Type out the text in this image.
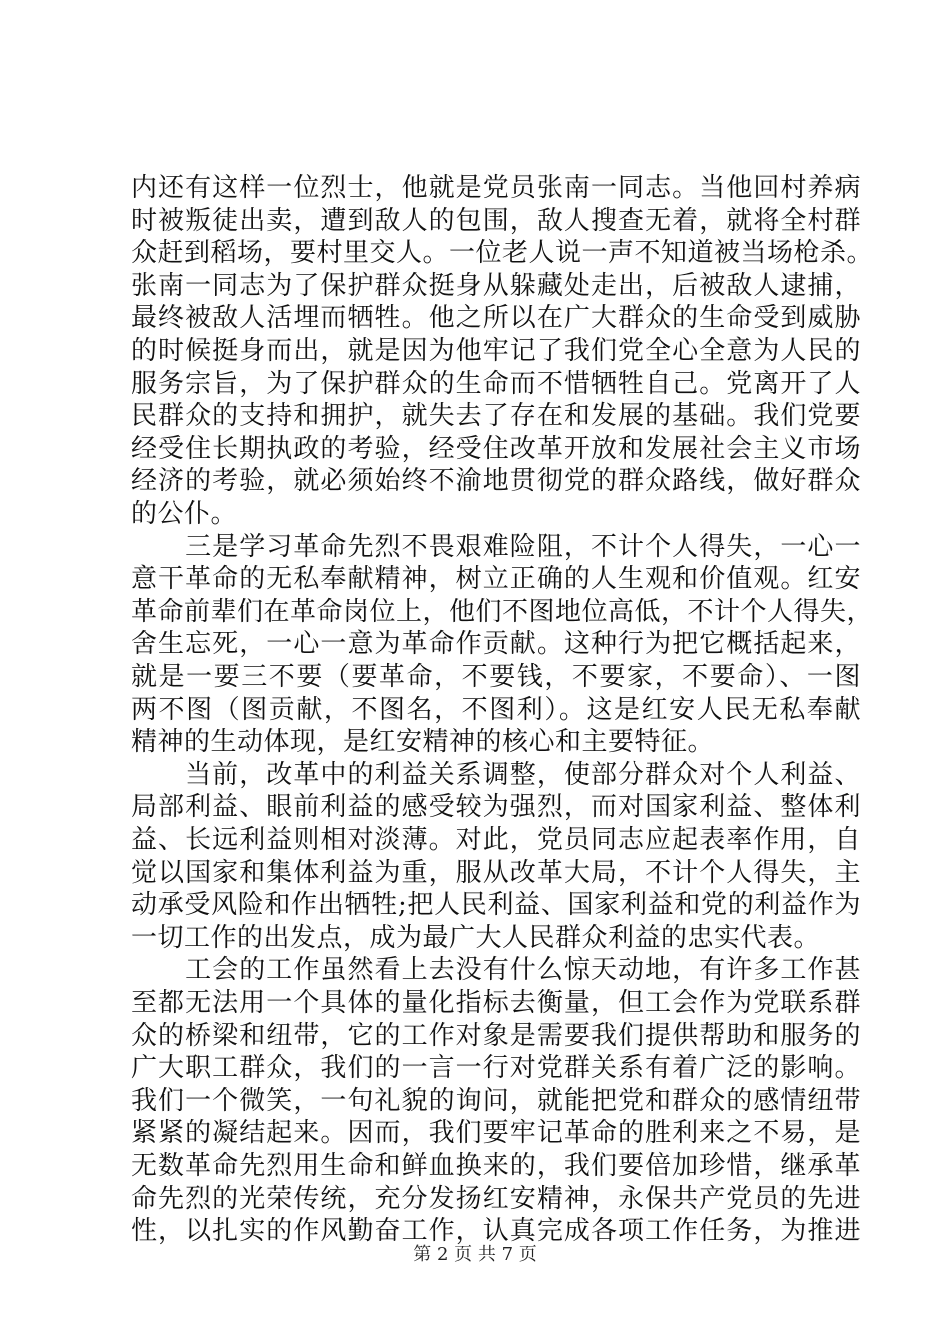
内还有这样一位烈士，他就是党员张南一同志。当他回村养病
时被叛徒出卖，遭到敌人的包围，敌人搜查无着，就将全村群
众赶到稻场，要村里交人。一位老人说一声不知道被当场枪杀。
张南一同志为了保护群众挺身从躲藏处走出，后被敌人逮捕，
最终被敌人活埋而牺牲。他之所以在广大群众的生命受到威胁
的时候挺身而出，就是因为他牢记了我们党全心全意为人民的
服务宗旨，为了保护群众的生命而不惜牺牲自己。党离开了人
民群众的支持和拥护，就失去了存在和发展的基础。我们党要
经受住长期执政的考验，经受住改革开放和发展社会主义市场
经济的考验，就必须始终不渝地贯彻党的群众路线，做好群众
的公仆。
　　三是学习革命先烈不畏艰难险阻，不计个人得失，一心一
意干革命的无私奉献精神，树立正确的人生观和价值观。红安
革命前辈们在革命岗位上，他们不图地位高低，不计个人得失，
舍生忘死，一心一意为革命作贡献。这种行为把它概括起来，
就是一要三不要（要革命，不要钱，不要家，不要命）、一图
两不图（图贡献，不图名，不图利）。这是红安人民无私奉献
精神的生动体现，是红安精神的核心和主要特征。
　　当前，改革中的利益关系调整，使部分群众对个人利益、
局部利益、眼前利益的感受较为强烈，而对国家利益、整体利
益、长远利益则相对淡薄。对此，党员同志应起表率作用，自
觉以国家和集体利益为重，服从改革大局，不计个人得失，主
动承受风险和作出牺牲;把人民利益、国家利益和党的利益作为
一切工作的出发点，成为最广大人民群众利益的忠实代表。
　　工会的工作虽然看上去没有什么惊天动地，有许多工作甚
至都无法用一个具体的量化指标去衡量，但工会作为党联系群
众的桥梁和纽带，它的工作对象是需要我们提供帮助和服务的
广大职工群众，我们的一言一行对党群关系有着广泛的影响。
我们一个微笑，一句礼貌的询问，就能把党和群众的感情纽带
紧紧的凝结起来。因而，我们要牢记革命的胜利来之不易，是
无数革命先烈用生命和鲜血换来的，我们要倍加珍惜，继承革
命先烈的光荣传统，充分发扬红安精神，永保共产党员的先进
性，以扎实的作风勤奋工作，认真完成各项工作任务，为推进
第 2 页 共 7 页
